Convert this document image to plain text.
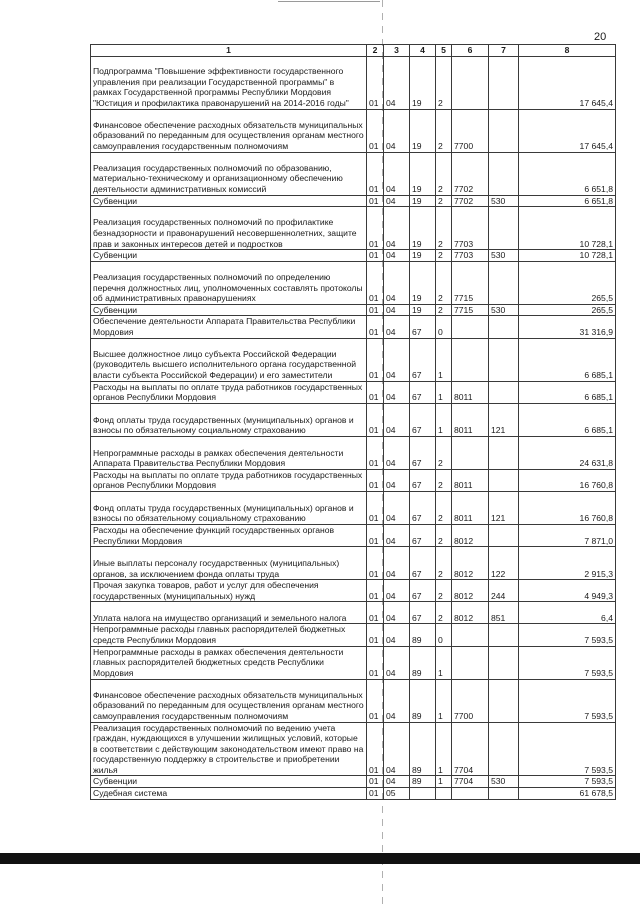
20
1	2	3	4	5	6	7	8
Подпрограмма "Повышение эффективности государственного управления при реализации Государственной программы" в рамках Государственной программы Республики Мордовия "Юстиция и профилактика правонарушений на 2014-2016 годы"	01	04	19	2			17 645,4
Финансовое обеспечение расходных обязательств муниципальных образований по переданным для осуществления органам местного самоуправления государственным полномочиям	01	04	19	2	7700		17 645,4
Реализация государственных полномочий по образованию, материально-техническому и организационному обеспечению деятельности административных комиссий	01	04	19	2	7702		6 651,8
Субвенции	01	04	19	2	7702	530	6 651,8
Реализация государственных полномочий по профилактике безнадзорности и правонарушений несовершеннолетних, защите прав и законных интересов детей и подростков	01	04	19	2	7703		10 728,1
Субвенции	01	04	19	2	7703	530	10 728,1
Реализация государственных полномочий по определению перечня должностных лиц, уполномоченных составлять протоколы об административных правонарушениях	01	04	19	2	7715		265,5
Субвенции	01	04	19	2	7715	530	265,5
Обеспечение деятельности Аппарата Правительства Республики Мордовия	01	04	67	0			31 316,9
Высшее должностное лицо субъекта Российской Федерации (руководитель высшего исполнительного органа государственной власти субъекта Российской Федерации) и его заместители	01	04	67	1			6 685,1
Расходы на выплаты по оплате труда работников государственных органов Республики Мордовия	01	04	67	1	8011		6 685,1
Фонд оплаты труда государственных (муниципальных) органов и взносы по обязательному социальному страхованию	01	04	67	1	8011	121	6 685,1
Непрограммные расходы в рамках обеспечения деятельности Аппарата Правительства Республики Мордовия	01	04	67	2			24 631,8
Расходы на выплаты по оплате труда работников государственных органов Республики Мордовия	01	04	67	2	8011		16 760,8
Фонд оплаты труда государственных (муниципальных) органов и взносы по обязательному социальному страхованию	01	04	67	2	8011	121	16 760,8
Расходы на обеспечение функций государственных органов Республики Мордовия	01	04	67	2	8012		7 871,0
Иные выплаты персоналу государственных (муниципальных) органов, за исключением фонда оплаты труда	01	04	67	2	8012	122	2 915,3
Прочая закупка товаров, работ и услуг для обеспечения государственных (муниципальных) нужд	01	04	67	2	8012	244	4 949,3
Уплата налога на имущество организаций и земельного налога	01	04	67	2	8012	851	6,4
Непрограммные расходы главных распорядителей бюджетных средств Республики Мордовия	01	04	89	0			7 593,5
Непрограммные расходы в рамках обеспечения деятельности главных распорядителей бюджетных средств Республики Мордовия	01	04	89	1			7 593,5
Финансовое обеспечение расходных обязательств муниципальных образований по переданным для осуществления органам местного самоуправления государственным полномочиям	01	04	89	1	7700		7 593,5
Реализация государственных полномочий по ведению учета граждан, нуждающихся в улучшении жилищных условий, которые в соответствии с действующим законодательством имеют право на государственную поддержку в строительстве и приобретении жилья	01	04	89	1	7704		7 593,5
Субвенции	01	04	89	1	7704	530	7 593,5
Судебная система	01	05					61 678,5
